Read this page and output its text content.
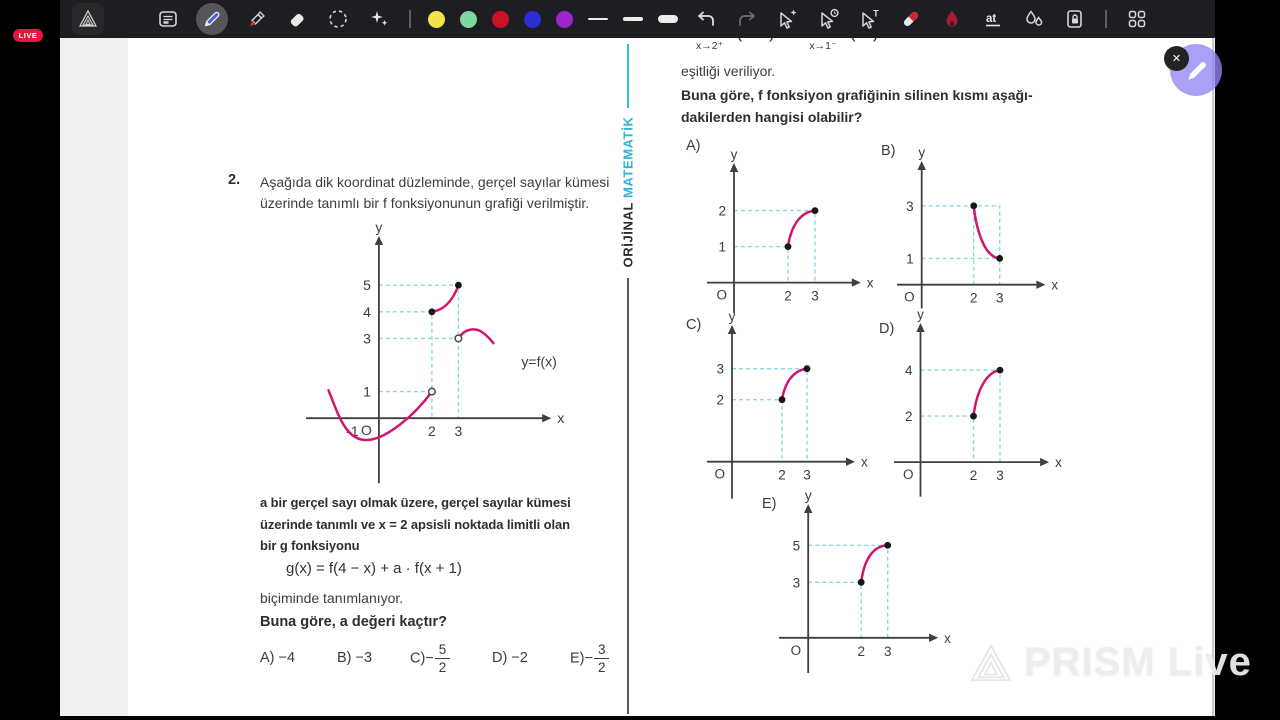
T	at
LIVE
ORİJİNAL MATEMATİK
2. Aşağıda dik koordinat düzleminde, gerçel sayılar kümesi
üzerinde tanımlı bir f fonksiyonunun grafiği verilmiştir.
a bir gerçel sayı olmak üzere, gerçel sayılar kümesi
üzerinde tanımlı ve x = 2 apsisli noktada limitli olan
bir g fonksiyonu
g(x) = f(4 − x) + a · f(x + 1)
biçiminde tanımlanıyor.
Buna göre, a değeri kaçtır?
A) −4	B) −3	$C)- \frac{5}{2}$	D) −2	$E)- \frac{3}{2}$
x→2⁺	x→1⁻
eşitliği veriliyor.
Buna göre, f fonksiyon grafiğinin silinen kısmı aşağı-
dakilerden hangisi olabilir?
x
y
O
1
3
4
5
-1	2 3
y=f(x)
x
y
O
1
2
2 3
A)
x
y
O
1
3
2 3
B)
x
y
O
2
3
2 3
C)
x
y
O
2
4
2 3
D)
x
y
O
3
5
2 3
E)
PRISM Live
✕
